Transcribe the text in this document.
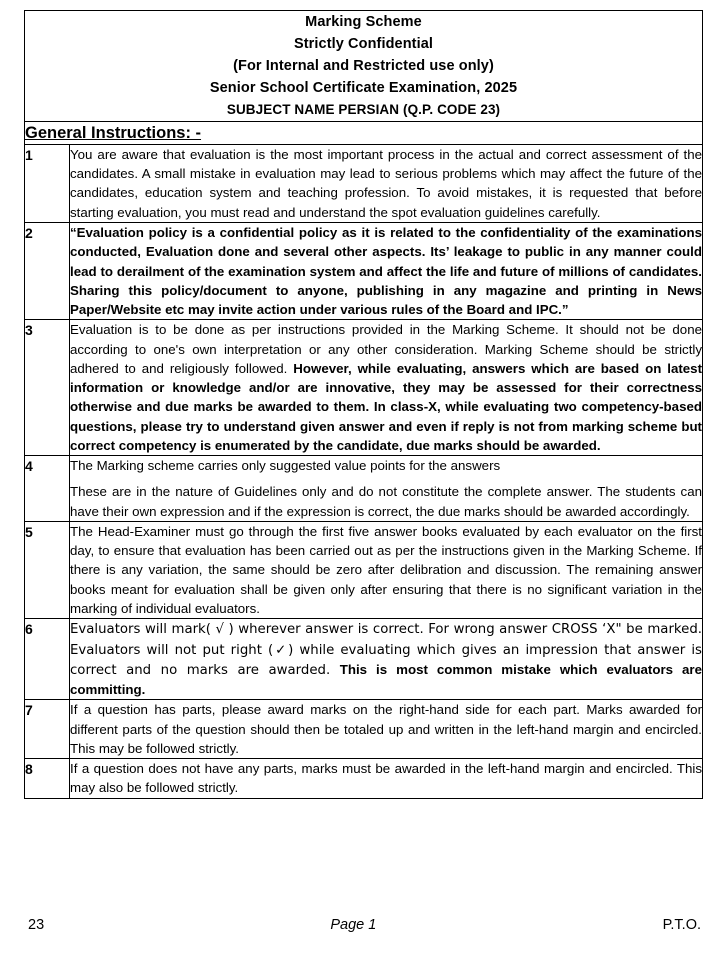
Marking Scheme
Strictly Confidential
(For Internal and Restricted use only)
Senior School Certificate Examination, 2025
SUBJECT NAME PERSIAN (Q.P. CODE 23)	

General Instructions: -	
1	You are aware that evaluation is the most important process in the actual and correct assessment of the candidates. A small mistake in evaluation may lead to serious problems which may affect the future of the candidates, education system and teaching profession. To avoid mistakes, it is requested that before starting evaluation, you must read and understand the spot evaluation guidelines carefully.

2	“Evaluation policy is a confidential policy as it is related to the confidentiality of the examinations conducted, Evaluation done and several other aspects. Its’ leakage to public in any manner could lead to derailment of the examination system and affect the life and future of millions of candidates. Sharing this policy/document to anyone, publishing in any magazine and printing in News Paper/Website etc may invite action under various rules of the Board and IPC.”

3	Evaluation is to be done as per instructions provided in the Marking Scheme. It should not be done according to one's own interpretation or any other consideration. Marking Scheme should be strictly adhered to and religiously followed. However, while evaluating, answers which are based on latest information or knowledge and/or are innovative, they may be assessed for their correctness otherwise and due marks be awarded to them. In class-X, while evaluating two competency-based questions, please try to understand given answer and even if reply is not from marking scheme but correct competency is enumerated by the candidate, due marks should be awarded.

4	The Marking scheme carries only suggested value points for the answers

These are in the nature of Guidelines only and do not constitute the complete answer. The students can have their own expression and if the expression is correct, the due marks should be awarded accordingly.

5	The Head-Examiner must go through the first five answer books evaluated by each evaluator on the first day, to ensure that evaluation has been carried out as per the instructions given in the Marking Scheme. If there is any variation, the same should be zero after delibration and discussion. The remaining answer books meant for evaluation shall be given only after ensuring that there is no significant variation in the marking of individual evaluators.

6	Evaluators will mark( √ ) wherever answer is correct. For wrong answer CROSS ‘X" be marked. Evaluators will not put right (✓) while evaluating which gives an impression that answer is correct and no marks are awarded. This is most common mistake which evaluators are committing.

7	If a question has parts, please award marks on the right-hand side for each part. Marks awarded for different parts of the question should then be totaled up and written in the left-hand margin and encircled. This may be followed strictly.

8	If a question does not have any parts, marks must be awarded in the left-hand margin and encircled. This may also be followed strictly.

23	Page 1	P.T.O.
